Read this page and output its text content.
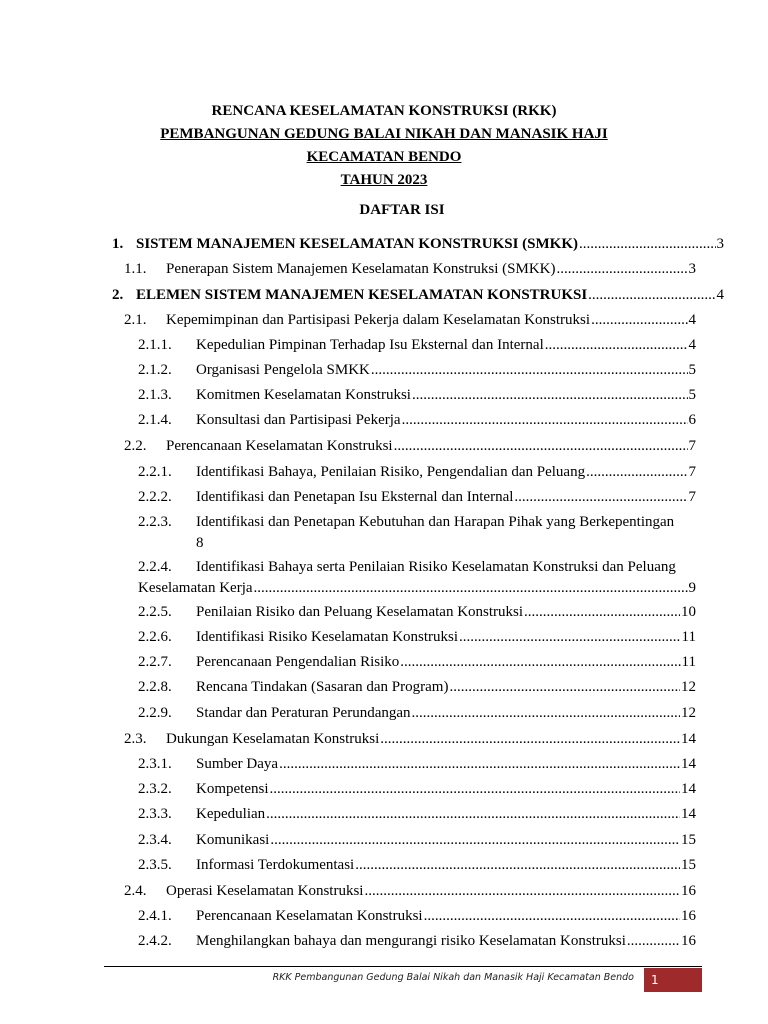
RENCANA KESELAMATAN KONSTRUKSI (RKK)
PEMBANGUNAN GEDUNG BALAI NIKAH DAN MANASIK HAJI
KECAMATAN BENDO
TAHUN 2023
DAFTAR ISI
1. SISTEM MANAJEMEN KESELAMATAN KONSTRUKSI (SMKK) .....	3
1.1.	Penerapan Sistem Manajemen Keselamatan Konstruksi (SMKK) .....	3
2. ELEMEN SISTEM MANAJEMEN KESELAMATAN KONSTRUKSI .....	4
2.1.	Kepemimpinan dan Partisipasi Pekerja dalam Keselamatan Konstruksi .....	4
2.1.1.	Kepedulian Pimpinan Terhadap Isu Eksternal dan Internal .....	4
2.1.2.	Organisasi Pengelola SMKK .....	5
2.1.3.	Komitmen Keselamatan Konstruksi .....	5
2.1.4.	Konsultasi dan Partisipasi Pekerja .....	6
2.2.	Perencanaan Keselamatan Konstruksi .....	7
2.2.1.	Identifikasi Bahaya, Penilaian Risiko, Pengendalian dan Peluang .....	7
2.2.2.	Identifikasi dan Penetapan Isu Eksternal dan Internal .....	7
2.2.3. Identifikasi dan Penetapan Kebutuhan dan Harapan Pihak yang Berkepentingan
8
2.2.4. Identifikasi Bahaya serta Penilaian Risiko Keselamatan Konstruksi dan Peluang
Keselamatan Kerja .....	9
2.2.5.	Penilaian Risiko dan Peluang Keselamatan Konstruksi .....	10
2.2.6.	Identifikasi Risiko Keselamatan Konstruksi .....	11
2.2.7.	Perencanaan Pengendalian Risiko .....	11
2.2.8.	Rencana Tindakan (Sasaran dan Program) .....	12
2.2.9.	Standar dan Peraturan Perundangan .....	12
2.3.	Dukungan Keselamatan Konstruksi .....	14
2.3.1.	Sumber Daya .....	14
2.3.2.	Kompetensi .....	14
2.3.3.	Kepedulian .....	14
2.3.4.	Komunikasi .....	15
2.3.5.	Informasi Terdokumentasi .....	15
2.4.	Operasi Keselamatan Konstruksi .....	16
2.4.1.	Perencanaan Keselamatan Konstruksi .....	16
2.4.2.	Menghilangkan bahaya dan mengurangi risiko Keselamatan Konstruksi .....	16
RKK Pembangunan Gedung Balai Nikah dan Manasik Haji Kecamatan Bendo	1
